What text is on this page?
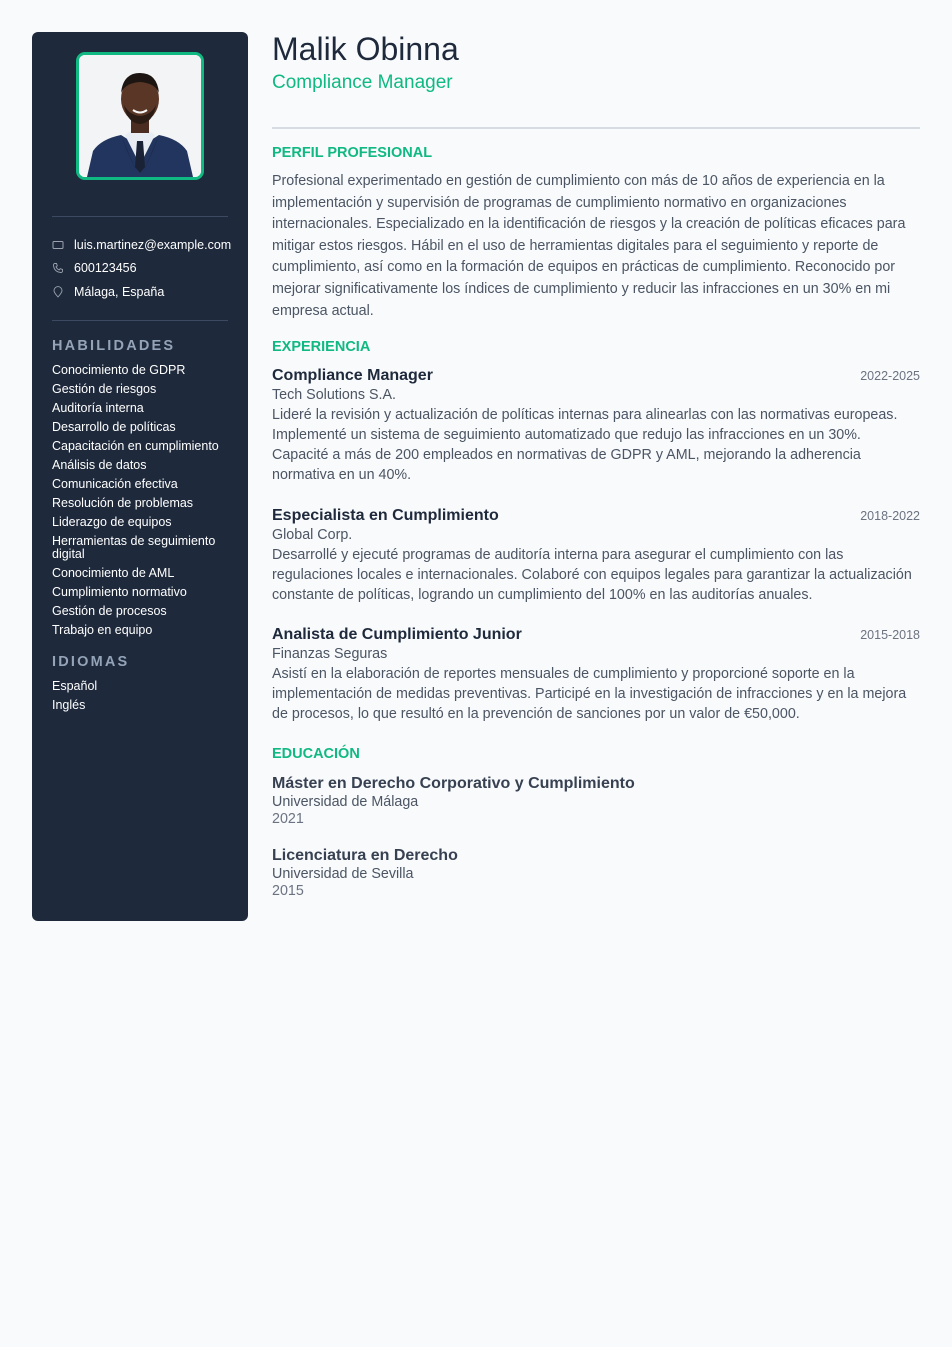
luis.martinez@example.com
600123456
Málaga, España
HABILIDADES
Conocimiento de GDPR
Gestión de riesgos
Auditoría interna
Desarrollo de políticas
Capacitación en cumplimiento
Análisis de datos
Comunicación efectiva
Resolución de problemas
Liderazgo de equipos
Herramientas de seguimiento digital
Conocimiento de AML
Cumplimiento normativo
Gestión de procesos
Trabajo en equipo
IDIOMAS
Español
Inglés
Malik Obinna
Compliance Manager
PERFIL PROFESIONAL

Profesional experimentado en gestión de cumplimiento con más de 10 años de experiencia en la implementación y supervisión de programas de cumplimiento normativo en organizaciones internacionales. Especializado en la identificación de riesgos y la creación de políticas eficaces para mitigar estos riesgos. Hábil en el uso de herramientas digitales para el seguimiento y reporte de cumplimiento, así como en la formación de equipos en prácticas de cumplimiento. Reconocido por mejorar significativamente los índices de cumplimiento y reducir las infracciones en un 30% en mi empresa actual.

EXPERIENCIA
Compliance Manager	2022-2025
Tech Solutions S.A.
Lideré la revisión y actualización de políticas internas para alinearlas con las normativas europeas. Implementé un sistema de seguimiento automatizado que redujo las infracciones en un 30%. Capacité a más de 200 empleados en normativas de GDPR y AML, mejorando la adherencia normativa en un 40%.
Especialista en Cumplimiento	2018-2022
Global Corp.
Desarrollé y ejecuté programas de auditoría interna para asegurar el cumplimiento con las regulaciones locales e internacionales. Colaboré con equipos legales para garantizar la actualización constante de políticas, logrando un cumplimiento del 100% en las auditorías anuales.
Analista de Cumplimiento Junior	2015-2018
Finanzas Seguras
Asistí en la elaboración de reportes mensuales de cumplimiento y proporcioné soporte en la implementación de medidas preventivas. Participé en la investigación de infracciones y en la mejora de procesos, lo que resultó en la prevención de sanciones por un valor de €50,000.
EDUCACIÓN
Máster en Derecho Corporativo y Cumplimiento
Universidad de Málaga
2021
Licenciatura en Derecho
Universidad de Sevilla
2015
